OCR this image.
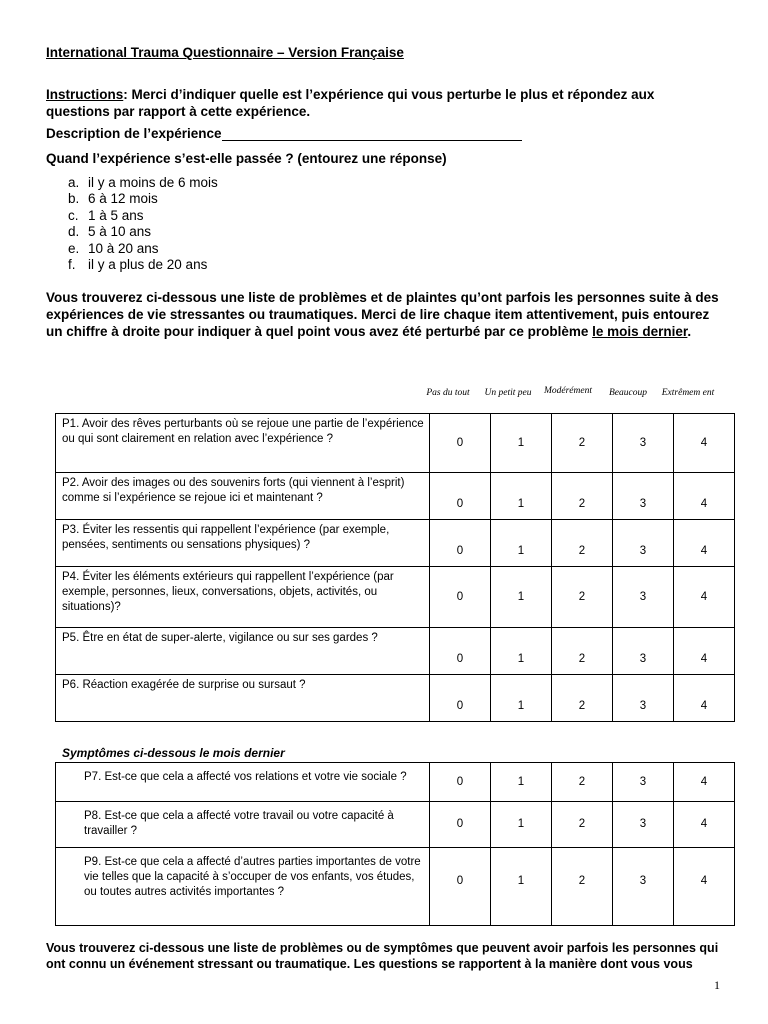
International Trauma Questionnaire – Version Française
Instructions: Merci d’indiquer quelle est l’expérience qui vous perturbe le plus et répondez aux questions par rapport à cette expérience.
Description de l’expérience
Quand l’expérience s’est-elle passée ? (entourez une réponse)
a. il y a moins de 6 mois
b. 6 à 12 mois
c. 1 à 5 ans
d. 5 à 10 ans
e. 10 à 20 ans
f. il y a plus de 20 ans
Vous trouverez ci-dessous une liste de problèmes et de plaintes qu’ont parfois les personnes suite à des expériences de vie stressantes ou traumatiques. Merci de lire chaque item attentivement, puis entourez un chiffre à droite pour indiquer à quel point vous avez été perturbé par ce problème le mois dernier.
Pas du tout	Un petit peu	Modérément	Beaucoup	Extrêmem ent
P1. Avoir des rêves perturbants où se rejoue une partie de l’expérience ou qui sont clairement en relation avec l’expérience ?	0	1	2	3	4
P2. Avoir des images ou des souvenirs forts (qui viennent à l’esprit) comme si l’expérience se rejoue ici et maintenant ?	0	1	2	3	4
P3. Éviter les ressentis qui rappellent l’expérience (par exemple, pensées, sentiments ou sensations physiques) ?	0	1	2	3	4
P4. Éviter les éléments extérieurs qui rappellent l’expérience (par exemple, personnes, lieux, conversations, objets, activités, ou situations)?	0	1	2	3	4
P5. Être en état de super-alerte, vigilance ou sur ses gardes ?	0	1	2	3	4
P6. Réaction exagérée de surprise ou sursaut ?	0	1	2	3	4
Symptômes ci-dessous le mois dernier
P7. Est-ce que cela a affecté vos relations et votre vie sociale ?	0	1	2	3	4
P8. Est-ce que cela a affecté votre travail ou votre capacité à travailler ?	0	1	2	3	4
P9. Est-ce que cela a affecté d’autres parties importantes de votre vie telles que la capacité à s’occuper de vos enfants, vos études, ou toutes autres activités importantes ?	0	1	2	3	4
Vous trouverez ci-dessous une liste de problèmes ou de symptômes que peuvent avoir parfois les personnes qui ont connu un événement stressant ou traumatique. Les questions se rapportent à la manière dont vous vous
1
